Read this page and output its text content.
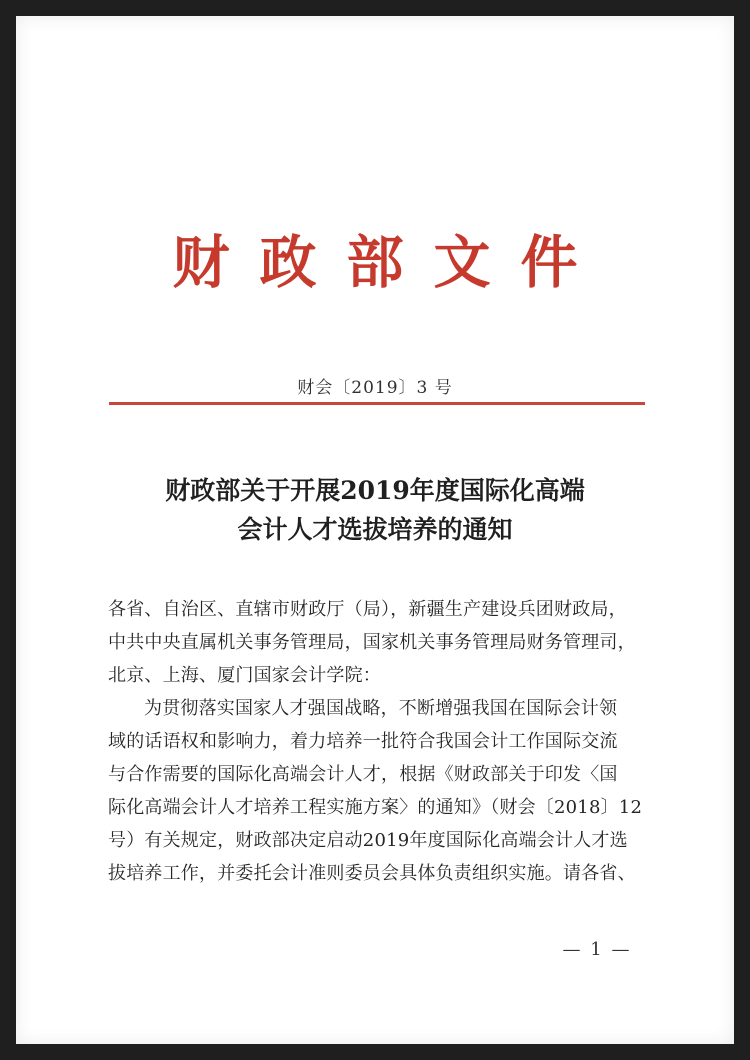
财政部文件
财会〔2019〕3 号
财政部关于开展2019年度国际化高端
会计人才选拔培养的通知
各省、自治区、直辖市财政厅（局），新疆生产建设兵团财政局，
中共中央直属机关事务管理局，国家机关事务管理局财务管理司，
北京、上海、厦门国家会计学院：
为贯彻落实国家人才强国战略，不断增强我国在国际会计领
域的话语权和影响力，着力培养一批符合我国会计工作国际交流
与合作需要的国际化高端会计人才，根据《财政部关于印发〈国
际化高端会计人才培养工程实施方案〉的通知》（财会〔2018〕12
号）有关规定，财政部决定启动2019年度国际化高端会计人才选
拔培养工作，并委托会计准则委员会具体负责组织实施。请各省、
— 1 —
